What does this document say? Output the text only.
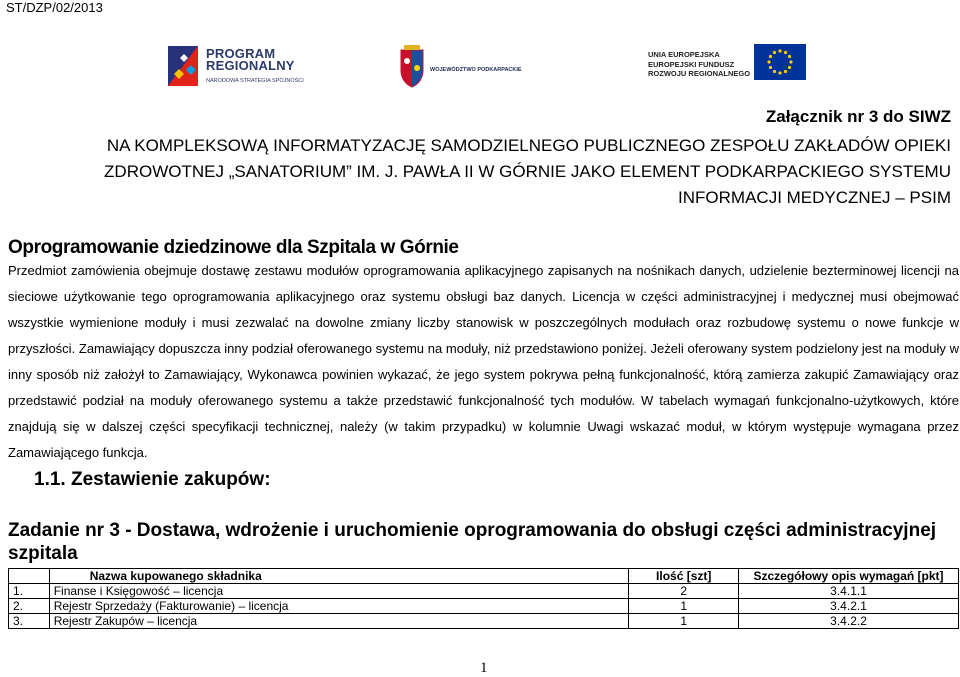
ST/DZP/02/2013
PROGRAM
REGIONALNY
NARODOWA STRATEGIA SPÓJNOŚCI
WOJEWÓDZTWO PODKARPACKIE
UNIA EUROPEJSKA
EUROPEJSKI FUNDUSZ
ROZWOJU REGIONALNEGO
Załącznik nr 3 do SIWZ
NA KOMPLEKSOWĄ INFORMATYZACJĘ SAMODZIELNEGO PUBLICZNEGO ZESPOŁU ZAKŁADÓW OPIEKI ZDROWOTNEJ „SANATORIUM” IM. J. PAWŁA II W GÓRNIE JAKO ELEMENT PODKARPACKIEGO SYSTEMU INFORMACJI MEDYCZNEJ – PSIM
Oprogramowanie dziedzinowe dla Szpitala w Górnie
Przedmiot zamówienia obejmuje dostawę zestawu modułów oprogramowania aplikacyjnego zapisanych na nośnikach danych, udzielenie bezterminowej licencji na sieciowe użytkowanie tego oprogramowania aplikacyjnego oraz systemu obsługi baz danych. Licencja w części administracyjnej i medycznej musi obejmować wszystkie wymienione moduły i musi zezwalać na dowolne zmiany liczby stanowisk w poszczególnych modułach oraz rozbudowę systemu o nowe funkcje w przyszłości. Zamawiający dopuszcza inny podział oferowanego systemu na moduły, niż przedstawiono poniżej. Jeżeli oferowany system podzielony jest na moduły w inny sposób niż założył to Zamawiający, Wykonawca powinien wykazać, że jego system pokrywa pełną funkcjonalność, którą zamierza zakupić Zamawiający oraz przedstawić podział na moduły oferowanego systemu a także przedstawić funkcjonalność tych modułów. W tabelach wymagań funkcjonalno-użytkowych, które znajdują się w dalszej części specyfikacji technicznej, należy (w takim przypadku) w kolumnie Uwagi wskazać moduł, w którym występuje wymagana przez Zamawiającego funkcja.
1.1. Zestawienie zakupów:
Zadanie nr 3 - Dostawa, wdrożenie i uruchomienie oprogramowania do obsługi części administracyjnej szpitala
	Nazwa kupowanego składnika	Ilość [szt]	Szczegółowy opis wymagań [pkt]
1.	Finanse i Księgowość – licencja	2	3.4.1.1
2.	Rejestr Sprzedaży (Fakturowanie) – licencja	1	3.4.2.1
3.	Rejestr Zakupów – licencja	1	3.4.2.2
1
